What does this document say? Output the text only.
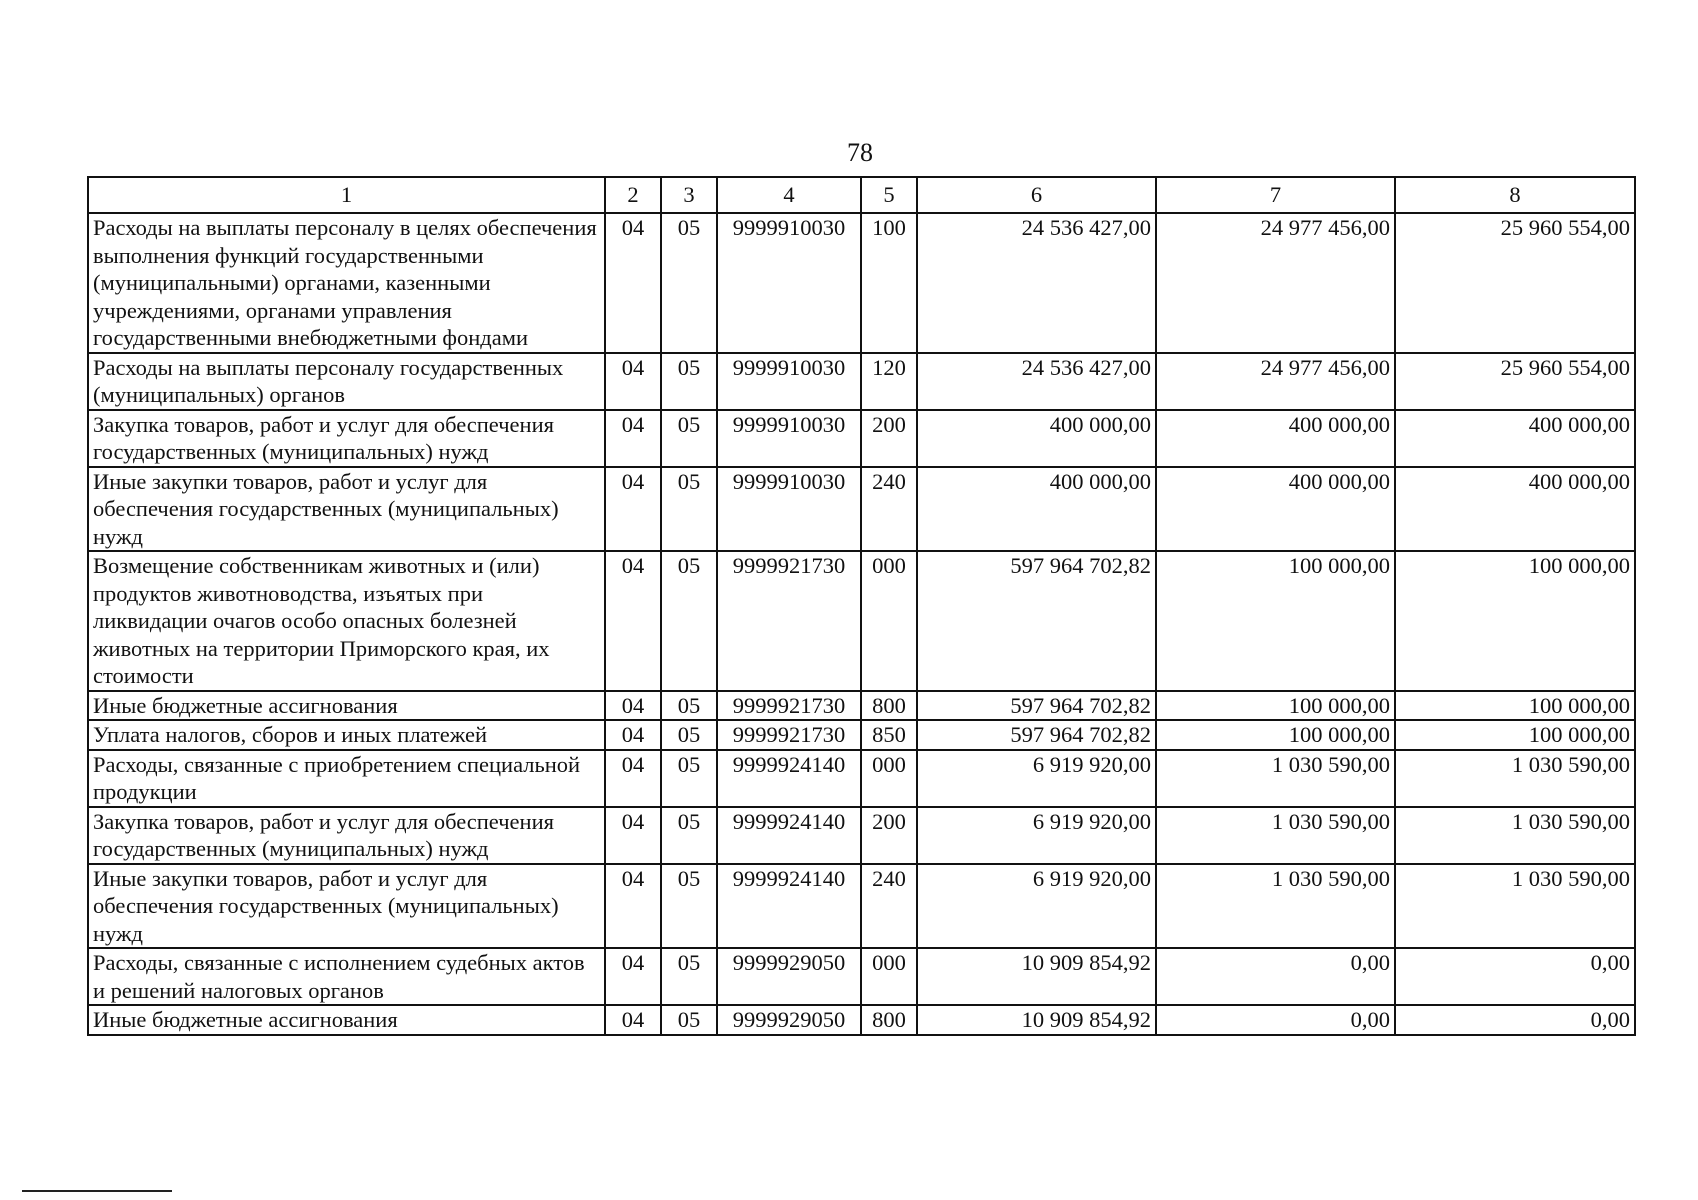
78
1	2	3	4	5	6	7	8
Расходы на выплаты персоналу в целях обеспечения выполнения функций государственными (муниципальными) органами, казенными учреждениями, органами управления государственными внебюджетными фондами	04	05	9999910030	100	24 536 427,00	24 977 456,00	25 960 554,00
Расходы на выплаты персоналу государственных (муниципальных) органов	04	05	9999910030	120	24 536 427,00	24 977 456,00	25 960 554,00
Закупка товаров, работ и услуг для обеспечения государственных (муниципальных) нужд	04	05	9999910030	200	400 000,00	400 000,00	400 000,00
Иные закупки товаров, работ и услуг для обеспечения государственных (муниципальных) нужд	04	05	9999910030	240	400 000,00	400 000,00	400 000,00
Возмещение собственникам животных и (или) продуктов животноводства, изъятых при ликвидации очагов особо опасных болезней животных на территории Приморского края, их стоимости	04	05	9999921730	000	597 964 702,82	100 000,00	100 000,00
Иные бюджетные ассигнования	04	05	9999921730	800	597 964 702,82	100 000,00	100 000,00
Уплата налогов, сборов и иных платежей	04	05	9999921730	850	597 964 702,82	100 000,00	100 000,00
Расходы, связанные с приобретением специальной продукции	04	05	9999924140	000	6 919 920,00	1 030 590,00	1 030 590,00
Закупка товаров, работ и услуг для обеспечения государственных (муниципальных) нужд	04	05	9999924140	200	6 919 920,00	1 030 590,00	1 030 590,00
Иные закупки товаров, работ и услуг для обеспечения государственных (муниципальных) нужд	04	05	9999924140	240	6 919 920,00	1 030 590,00	1 030 590,00
Расходы, связанные с исполнением судебных актов и решений налоговых органов	04	05	9999929050	000	10 909 854,92	0,00	0,00
Иные бюджетные ассигнования	04	05	9999929050	800	10 909 854,92	0,00	0,00
